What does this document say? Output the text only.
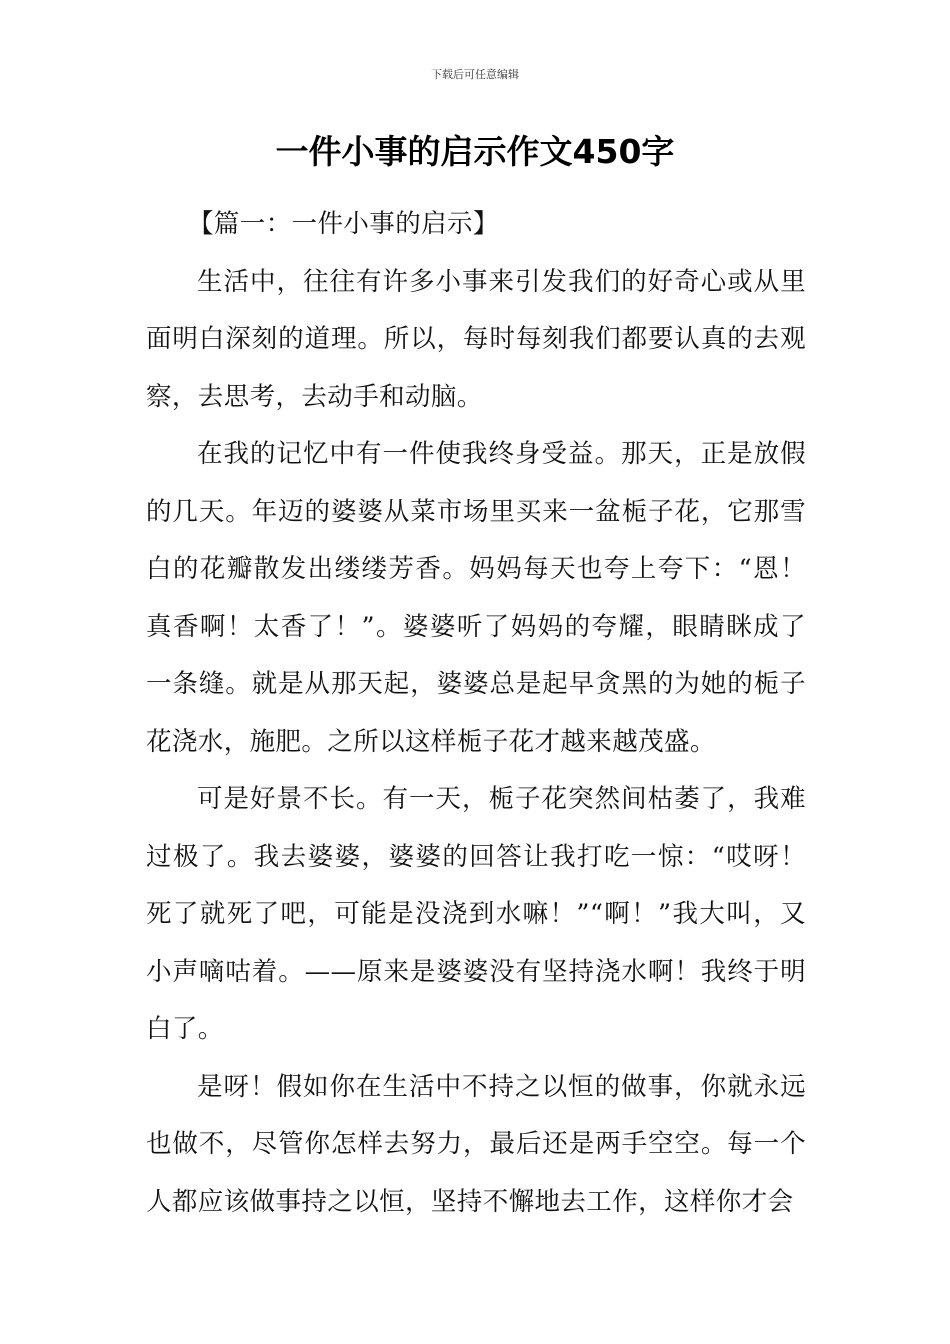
下载后可任意编辑
一件小事的启示作文450字
【篇一：一件小事的启示】

生活中，往往有许多小事来引发我们的好奇心或从里面明白深刻的道理。所以，每时每刻我们都要认真的去观察，去思考，去动手和动脑。

在我的记忆中有一件使我终身受益。那天，正是放假的几天。年迈的婆婆从菜市场里买来一盆栀子花，它那雪白的花瓣散发出缕缕芳香。妈妈每天也夸上夸下：“恩！真香啊！太香了！”。婆婆听了妈妈的夸耀，眼睛眯成了一条缝。就是从那天起，婆婆总是起早贪黑的为她的栀子花浇水，施肥。之所以这样栀子花才越来越茂盛。

可是好景不长。有一天，栀子花突然间枯萎了，我难过极了。我去婆婆，婆婆的回答让我打吃一惊：“哎呀！死了就死了吧，可能是没浇到水嘛！”“啊！”我大叫，又小声嘀咕着。——原来是婆婆没有坚持浇水啊！我终于明白了。

是呀！假如你在生活中不持之以恒的做事，你就永远也做不，尽管你怎样去努力，最后还是两手空空。每一个人都应该做事持之以恒，坚持不懈地去工作，这样你才会
